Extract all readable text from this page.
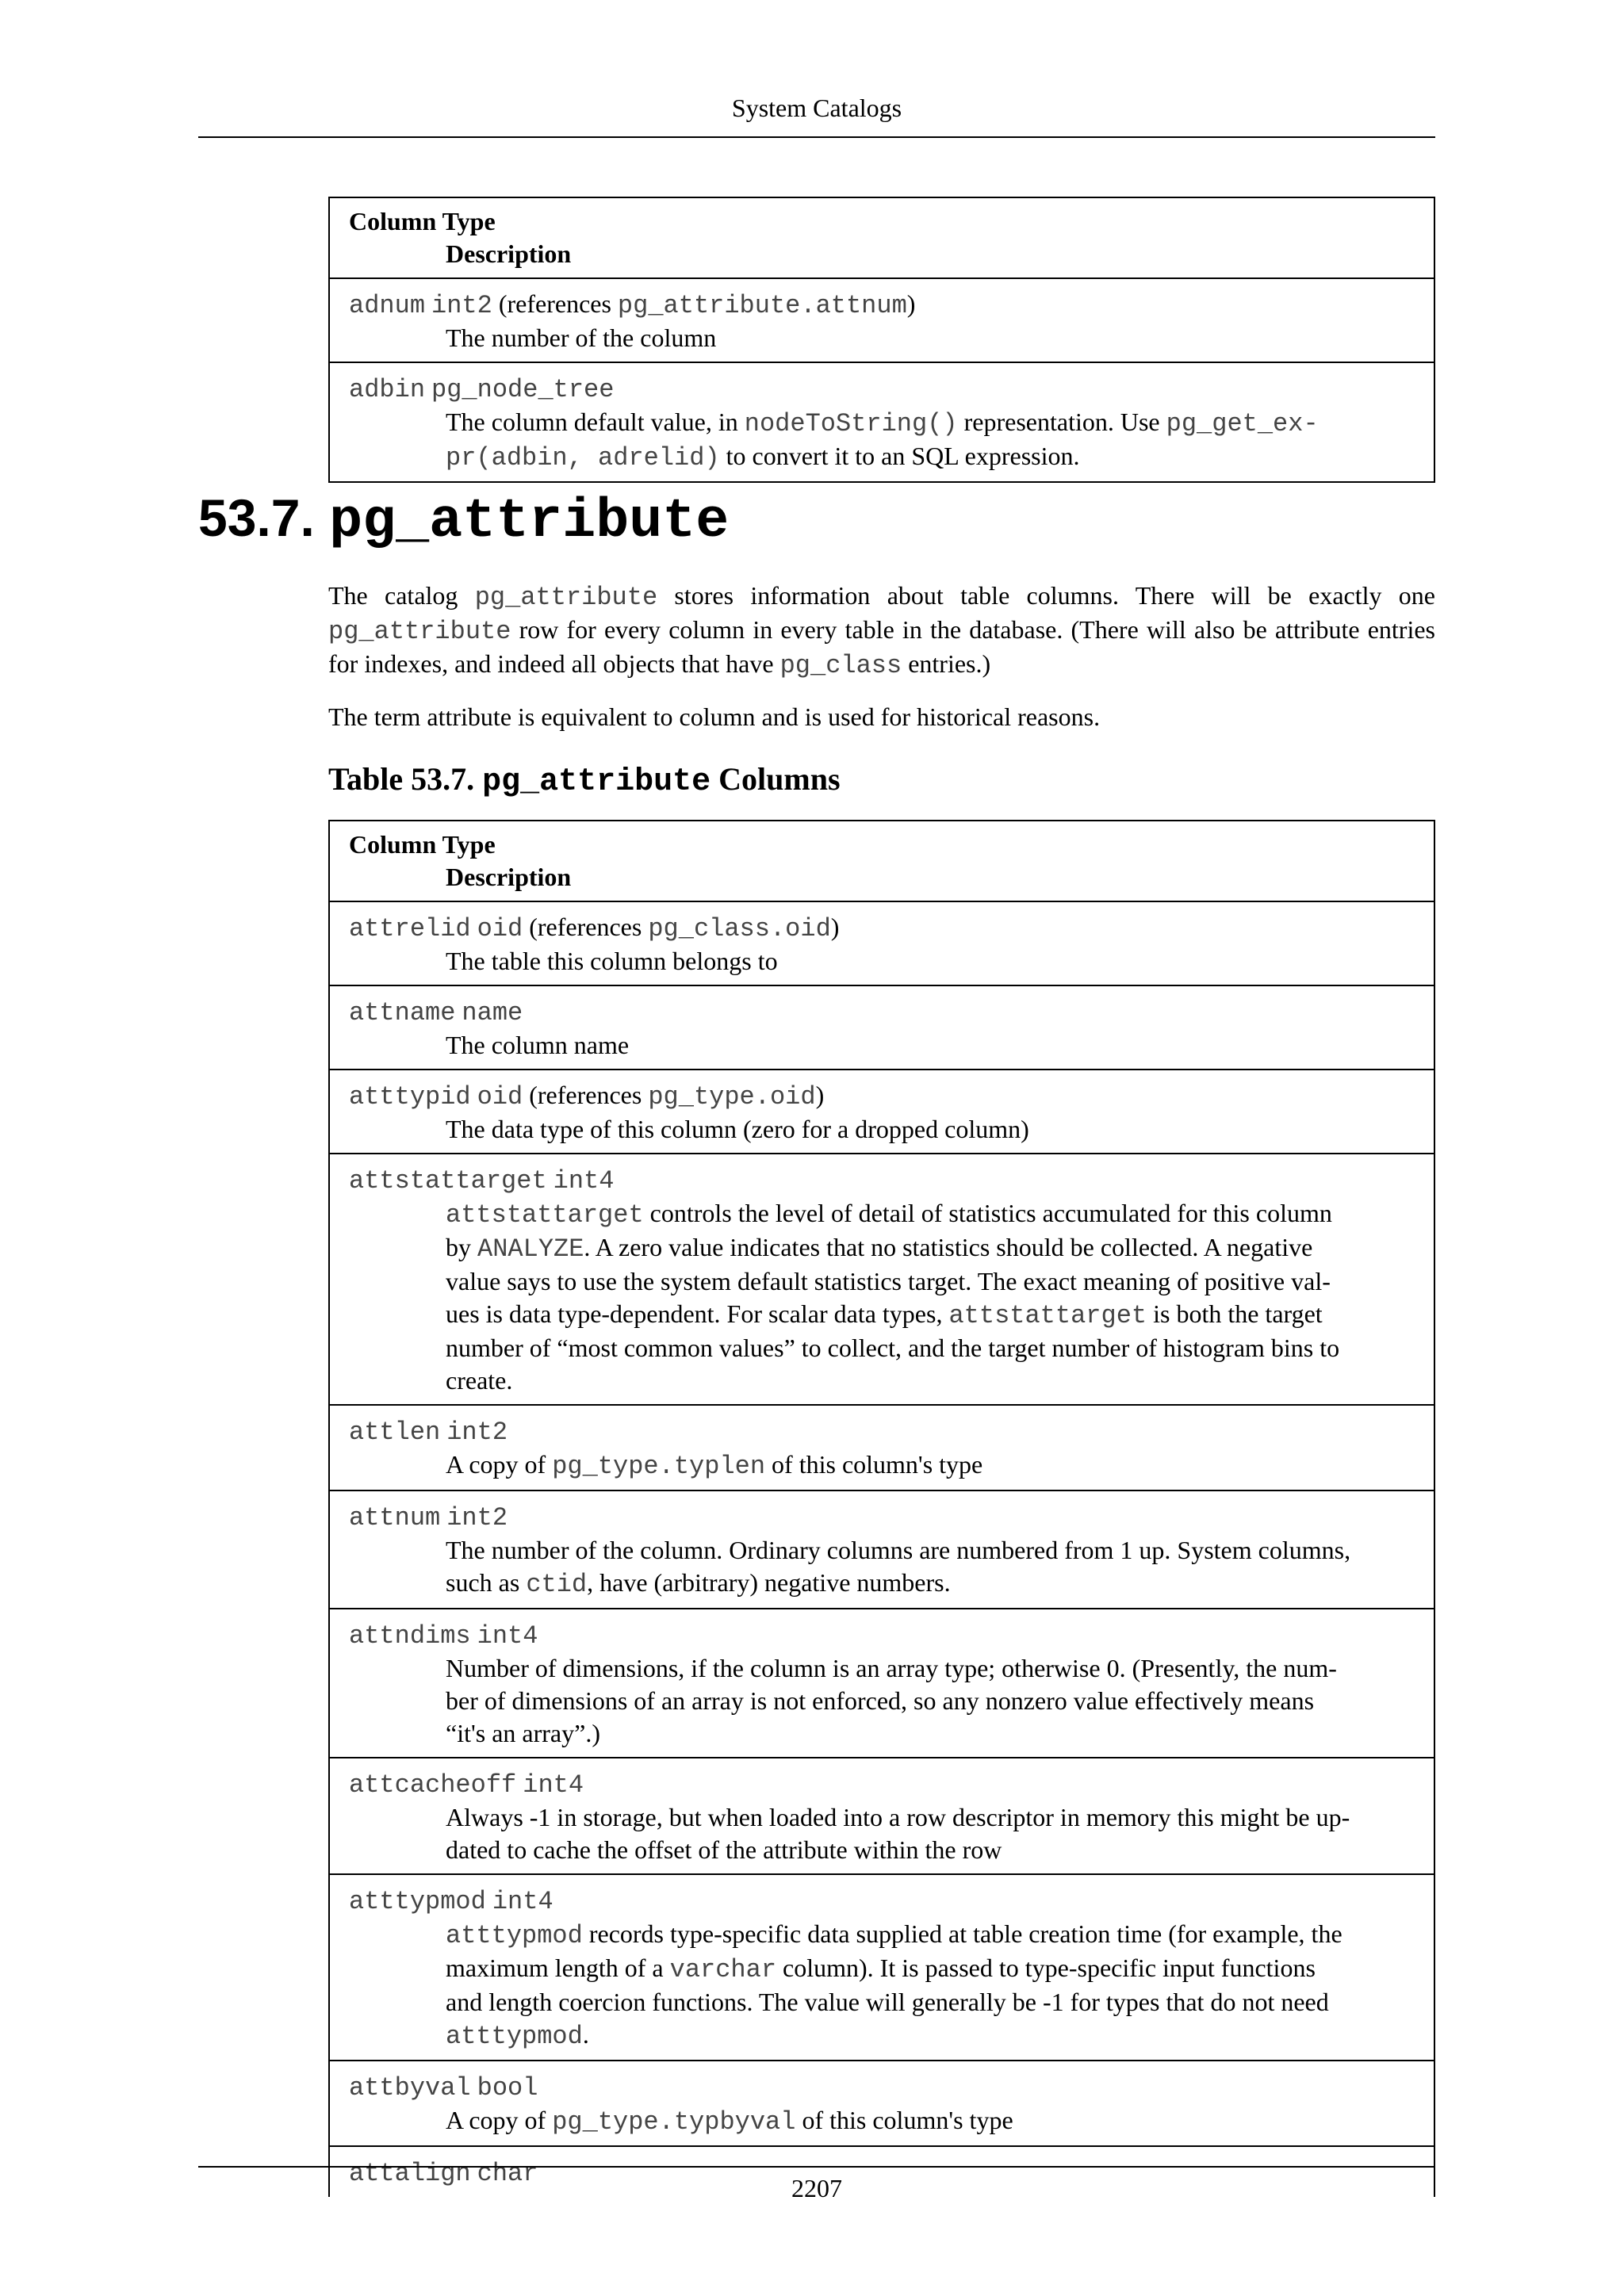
System Catalogs
Column Type
Description
adnum int2 (references pg_attribute.attnum)
The number of the column
adbin pg_node_tree
The column default value, in nodeToString() representation. Use pg_get_ex-
pr(adbin, adrelid) to convert it to an SQL expression.
53.7. pg_attribute
The catalog pg_attribute stores information about table columns. There will be exactly one pg_attribute row for every column in every table in the database. (There will also be attribute entries for indexes, and indeed all objects that have pg_class entries.)
The term attribute is equivalent to column and is used for historical reasons.
Table 53.7. pg_attribute Columns
Column Type
Description
attrelid oid (references pg_class.oid)
The table this column belongs to
attname name
The column name
atttypid oid (references pg_type.oid)
The data type of this column (zero for a dropped column)
attstattarget int4
attstattarget controls the level of detail of statistics accumulated for this column
by ANALYZE. A zero value indicates that no statistics should be collected. A negative
value says to use the system default statistics target. The exact meaning of positive val-
ues is data type-dependent. For scalar data types, attstattarget is both the target
number of “most common values” to collect, and the target number of histogram bins to
create.
attlen int2
A copy of pg_type.typlen of this column's type
attnum int2
The number of the column. Ordinary columns are numbered from 1 up. System columns,
such as ctid, have (arbitrary) negative numbers.
attndims int4
Number of dimensions, if the column is an array type; otherwise 0. (Presently, the num-
ber of dimensions of an array is not enforced, so any nonzero value effectively means
“it's an array”.)
attcacheoff int4
Always -1 in storage, but when loaded into a row descriptor in memory this might be up-
dated to cache the offset of the attribute within the row
atttypmod int4
atttypmod records type-specific data supplied at table creation time (for example, the
maximum length of a varchar column). It is passed to type-specific input functions
and length coercion functions. The value will generally be -1 for types that do not need
atttypmod.
attbyval bool
A copy of pg_type.typbyval of this column's type
attalign char	2207
